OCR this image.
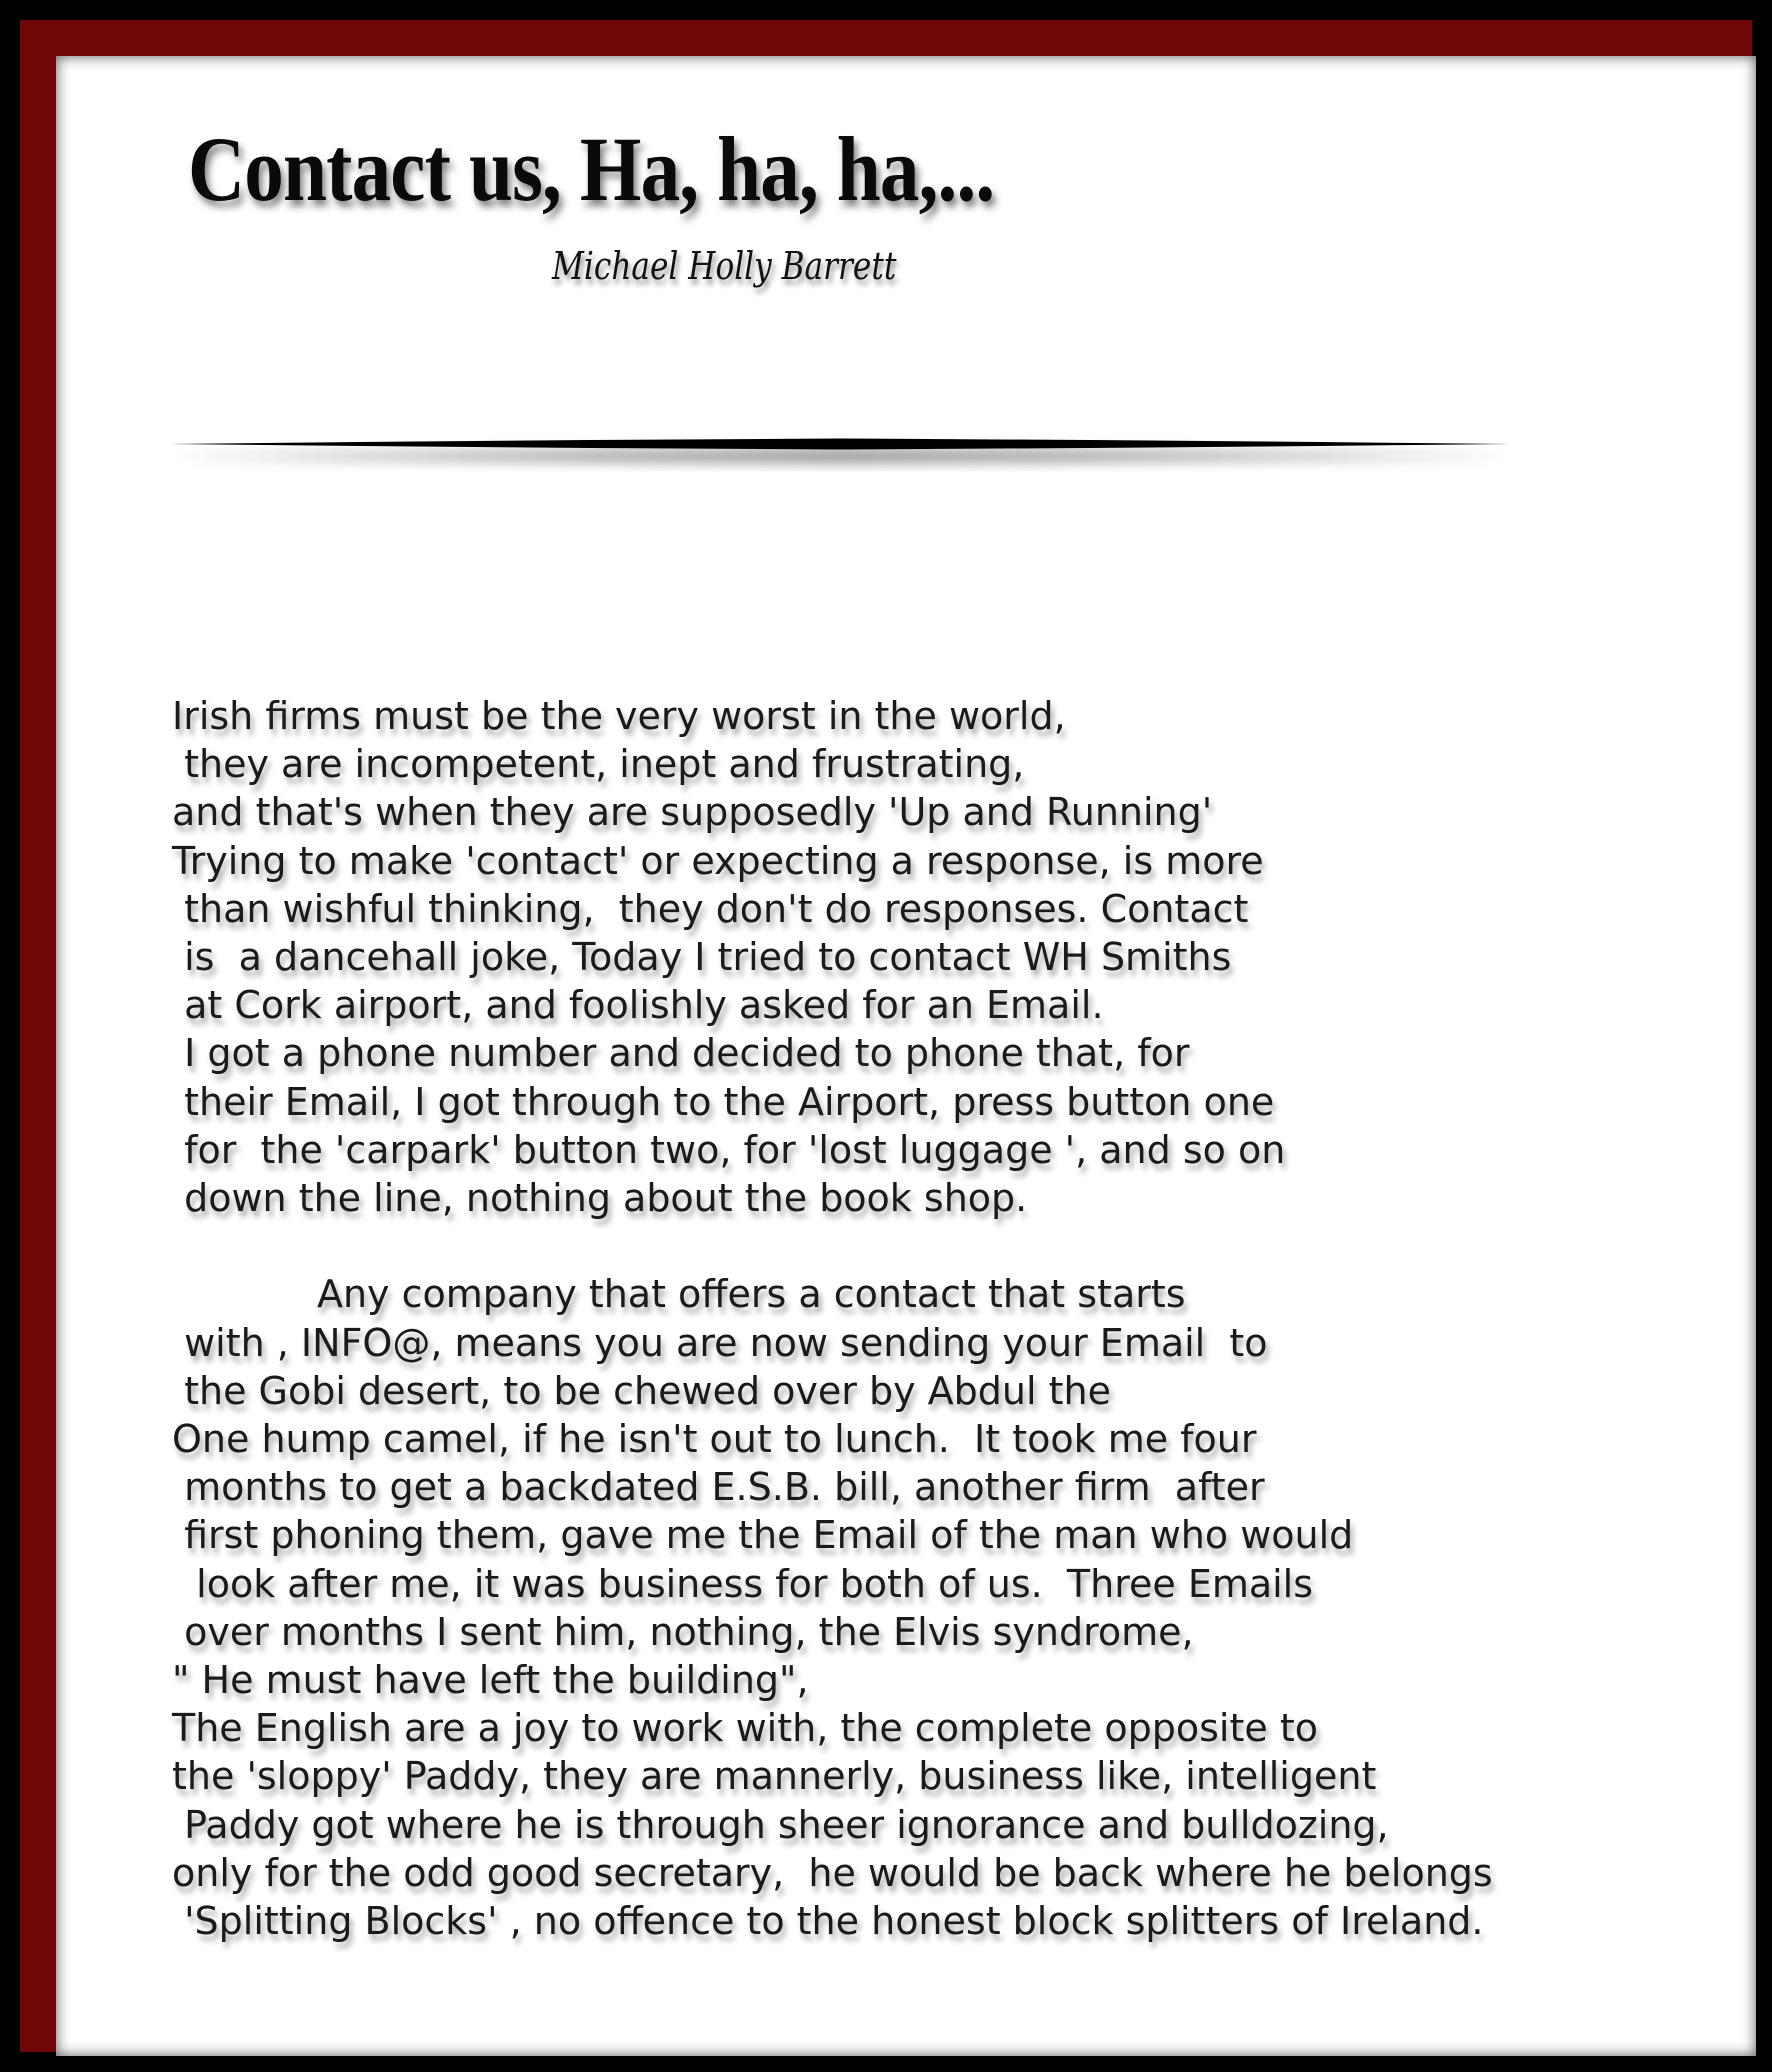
Contact us, Ha, ha, ha,...
Michael Holly Barrett
Irish firms must be the very worst in the world,
they are incompetent, inept and frustrating,
and that's when they are supposedly 'Up and Running'
Trying to make 'contact' or expecting a response, is more
than wishful thinking,  they don't do responses. Contact
is  a dancehall joke, Today I tried to contact WH Smiths
at Cork airport, and foolishly asked for an Email.
I got a phone number and decided to phone that, for
their Email, I got through to the Airport, press button one
for  the 'carpark' button two, for 'lost luggage ', and so on
down the line, nothing about the book shop.

Any company that offers a contact that starts
with , INFO@, means you are now sending your Email  to
the Gobi desert, to be chewed over by Abdul the
One hump camel, if he isn't out to lunch.  It took me four
months to get a backdated E.S.B. bill, another firm  after
first phoning them, gave me the Email of the man who would
look after me, it was business for both of us.  Three Emails
over months I sent him, nothing, the Elvis syndrome,
" He must have left the building",
The English are a joy to work with, the complete opposite to
the 'sloppy' Paddy, they are mannerly, business like, intelligent
Paddy got where he is through sheer ignorance and bulldozing,
only for the odd good secretary,  he would be back where he belongs
'Splitting Blocks' , no offence to the honest block splitters of Ireland.
